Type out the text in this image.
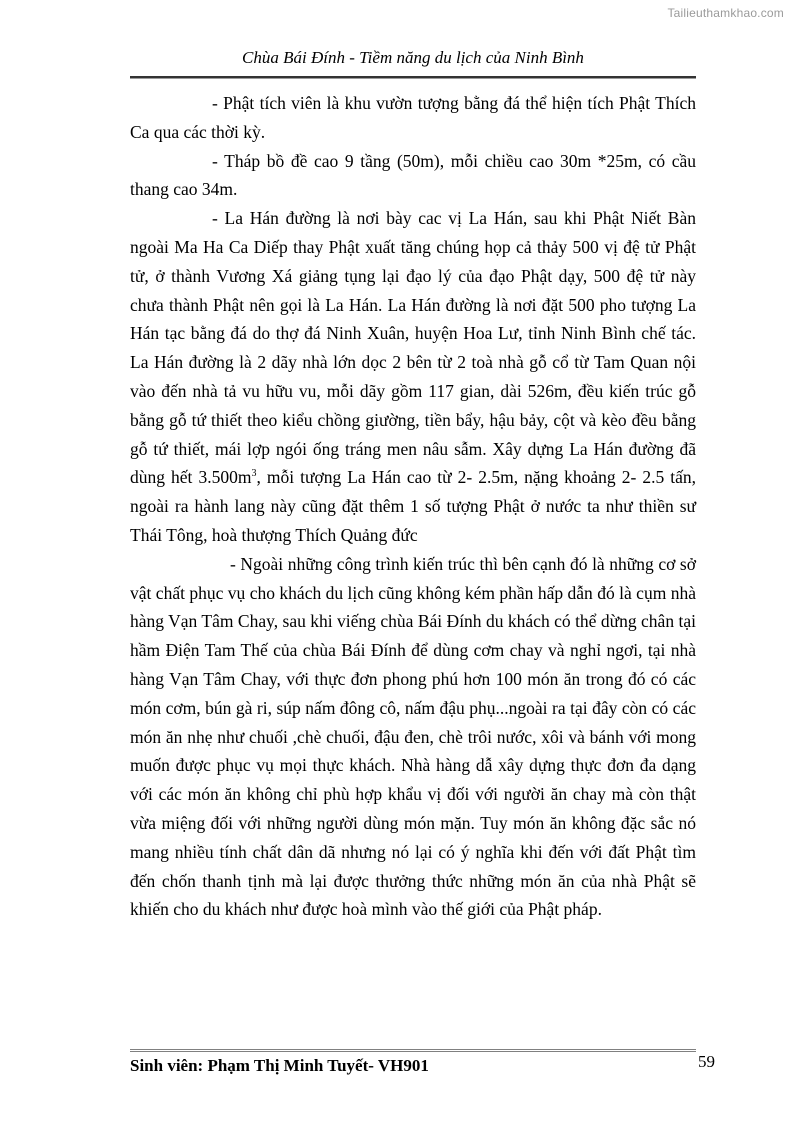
Tailieuthamkhao.com
Chùa Bái Đính - Tiềm năng du lịch của Ninh Bình

- Phật tích viên là khu vườn tượng bằng đá thể hiện tích Phật Thích Ca qua các thời kỳ.

- Tháp bồ đề cao 9 tầng (50m), mỗi chiều cao 30m *25m, có cầu thang cao 34m.

- La Hán đường là nơi bày cac vị La Hán, sau khi Phật Niết Bàn ngoài Ma Ha Ca Diếp thay Phật xuất tăng chúng họp cả thảy 500 vị đệ tử Phật tử, ở thành Vương Xá giảng tụng lại đạo lý của đạo Phật dạy, 500 đệ tử này chưa thành Phật nên gọi là La Hán. La Hán đường là nơi đặt 500 pho tượng La Hán tạc bằng đá do thợ đá Ninh Xuân, huyện Hoa Lư, tỉnh Ninh Bình chế tác. La Hán đường là 2 dãy nhà lớn dọc 2 bên từ 2 toà nhà gỗ cổ từ Tam Quan nội vào đến nhà tả vu hữu vu, mỗi dãy gồm 117 gian, dài 526m, đều kiến trúc gỗ bằng gỗ tứ thiết theo kiểu chồng giường, tiền bẩy, hậu bảy, cột và kèo đều bằng gỗ tứ thiết, mái lợp ngói ống tráng men nâu sẫm. Xây dựng La Hán đường đã dùng hết $3.500m^3$, mỗi tượng La Hán cao từ 2- 2.5m, nặng khoảng 2- 2.5 tấn, ngoài ra hành lang này cũng đặt thêm 1 số tượng Phật ở nước ta như thiền sư Thái Tông, hoà thượng Thích Quảng đức

- Ngoài những công trình kiến trúc thì bên cạnh đó là những cơ sở vật chất phục vụ cho khách du lịch cũng không kém phần hấp dẫn đó là cụm nhà hàng Vạn Tâm Chay, sau khi viếng chùa Bái Đính du khách có thể dừng chân tại hầm Điện Tam Thế của chùa Bái Đính để dùng cơm chay và nghỉ ngơi, tại nhà hàng Vạn Tâm Chay, với thực đơn phong phú hơn 100 món ăn trong đó có các món cơm, bún gà ri, súp nấm đông cô, nấm đậu phụ...ngoài ra tại đây còn có các món ăn nhẹ như chuối ,chè chuối, đậu đen, chè trôi nước, xôi và bánh với mong muốn được phục vụ mọi thực khách. Nhà hàng dẫ xây dựng thực đơn đa dạng với các món ăn không chỉ phù hợp khẩu vị đối với người ăn chay mà còn thật vừa miệng đối với những người dùng món mặn. Tuy món ăn không đặc sắc nó mang nhiều tính chất dân dã nhưng nó lại có ý nghĩa khi đến với đất Phật tìm đến chốn thanh tịnh mà lại được thưởng thức những món ăn của nhà Phật sẽ khiến cho du khách như được hoà mình vào thế giới của Phật pháp.

Sinh viên: Phạm Thị Minh Tuyết- VH901	59
